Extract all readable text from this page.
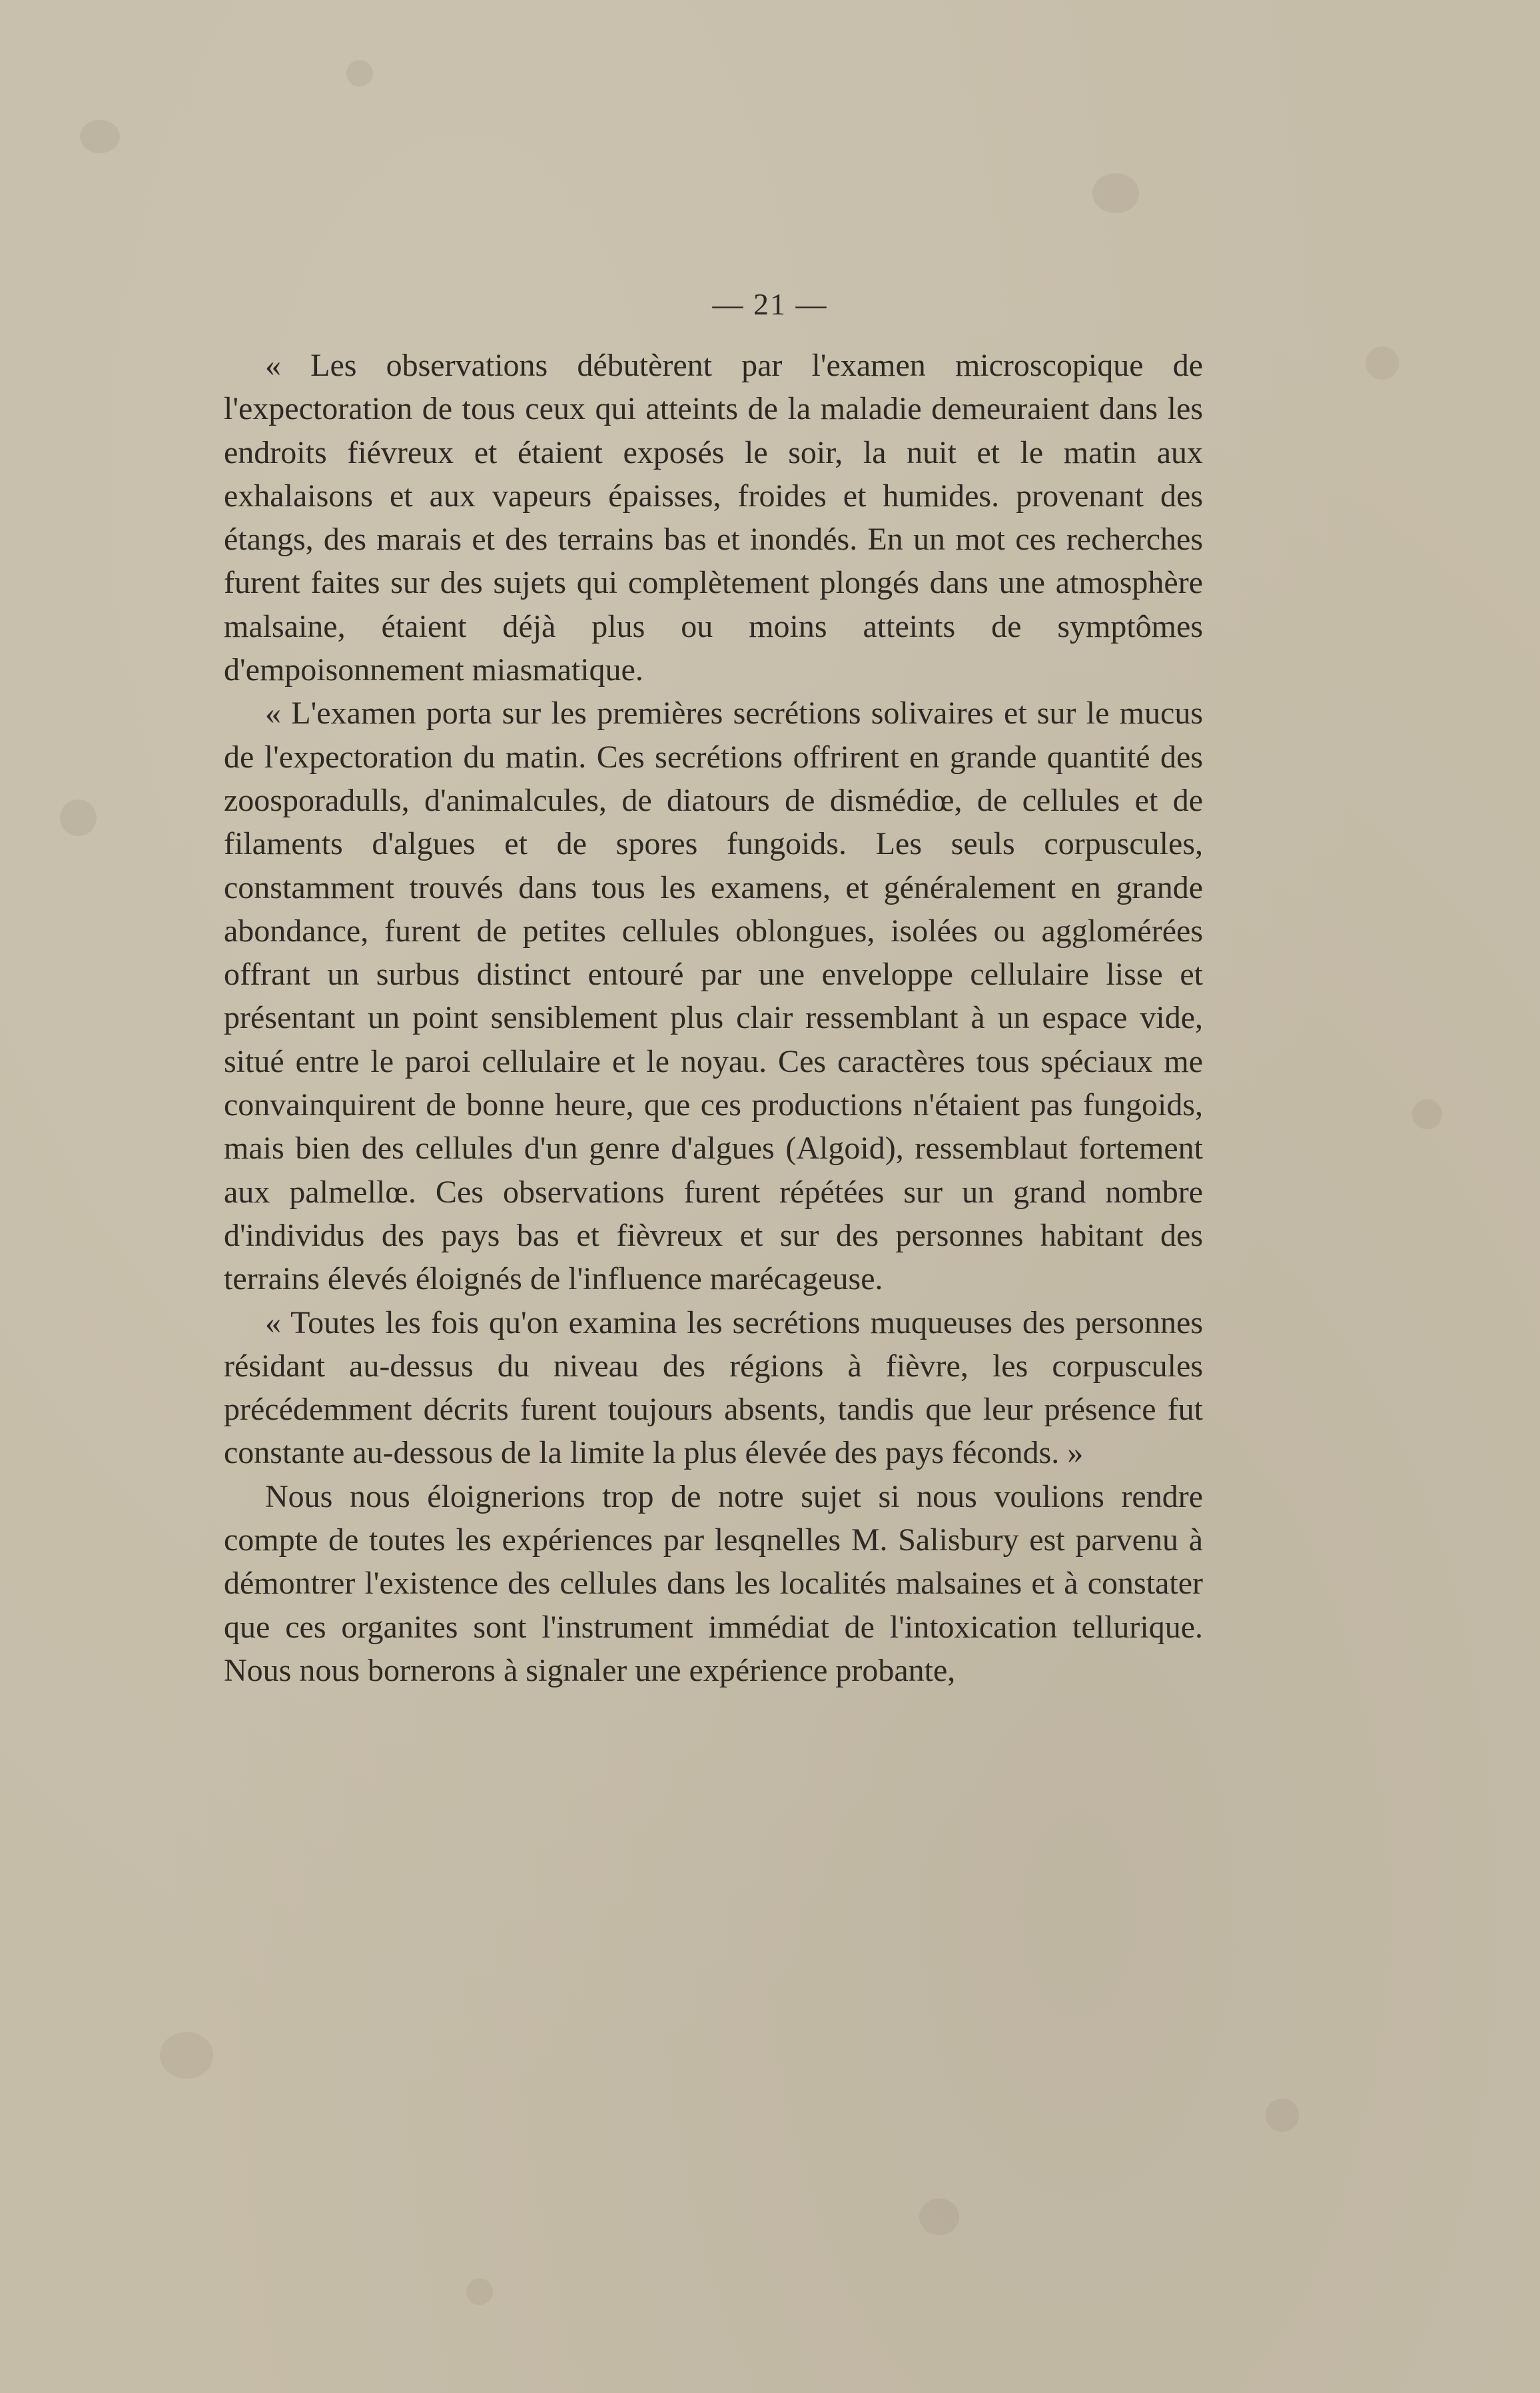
— 21 —

« Les observations débutèrent par l'examen microscopique de l'expectoration de tous ceux qui atteints de la maladie demeuraient dans les endroits fiévreux et étaient exposés le soir, la nuit et le matin aux exhalaisons et aux vapeurs épaisses, froides et humides. provenant des étangs, des marais et des terrains bas et inondés. En un mot ces recherches furent faites sur des sujets qui complètement plongés dans une atmosphère malsaine, étaient déjà plus ou moins atteints de symptômes d'empoisonnement miasmatique.

« L'examen porta sur les premières secrétions solivaires et sur le mucus de l'expectoration du matin. Ces secrétions offrirent en grande quantité des zoosporadulls, d'animalcules, de diatours de dismédiœ, de cellules et de filaments d'algues et de spores fungoids. Les seuls corpuscules, constamment trouvés dans tous les examens, et généralement en grande abondance, furent de petites cellules oblongues, isolées ou agglomérées offrant un surbus distinct entouré par une enveloppe cellulaire lisse et présentant un point sensiblement plus clair ressemblant à un espace vide, situé entre le paroi cellulaire et le noyau. Ces caractères tous spéciaux me convainquirent de bonne heure, que ces productions n'étaient pas fungoids, mais bien des cellules d'un genre d'algues (Algoid), ressemblaut fortement aux palmellœ. Ces observations furent répétées sur un grand nombre d'individus des pays bas et fièvreux et sur des personnes habitant des terrains élevés éloignés de l'influence marécageuse.

« Toutes les fois qu'on examina les secrétions muqueuses des personnes résidant au-dessus du niveau des régions à fièvre, les corpuscules précédemment décrits furent toujours absents, tandis que leur présence fut constante au-dessous de la limite la plus élevée des pays féconds. »

Nous nous éloignerions trop de notre sujet si nous voulions rendre compte de toutes les expériences par lesqnelles M. Salisbury est parvenu à démontrer l'existence des cellules dans les localités malsaines et à constater que ces organites sont l'instrument immédiat de l'intoxication tellurique. Nous nous bornerons à signaler une expérience probante,
